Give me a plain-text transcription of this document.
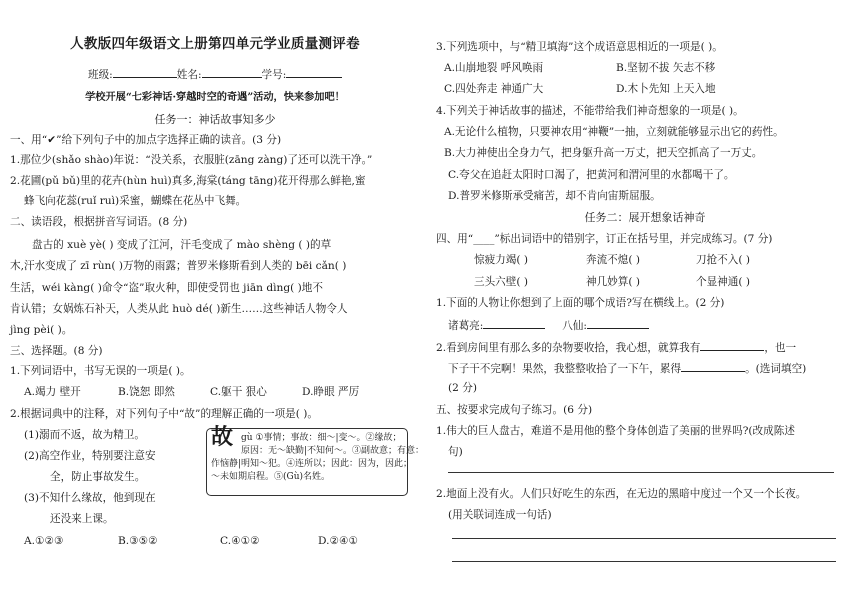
人教版四年级语文上册第四单元学业质量测评卷
班级:	姓名:	学号:
学校开展“七彩神话·穿越时空的奇遇”活动，快来参加吧！
任务一：神话故事知多少
一、用“✔”给下列句子中的加点字选择正确的读音。(3 分)
1.那位少(shǎo shào)年说：“没关系，衣服脏(zāng zàng)了还可以洗干净。”
2.花圃(pǔ bǔ)里的花卉(hùn huì)真多,海棠(táng tāng)花开得那么鲜艳,蜜
蜂飞向花蕊(ruǐ ruì)采蜜，蝴蝶在花丛中飞舞。
二、读语段，根据拼音写词语。(8 分)
盘古的 xuè yè( ) 变成了江河，汗毛变成了 mào shèng ( )的草
木,汗水变成了 zī rùn( )万物的雨露；普罗米修斯看到人类的 bēi cǎn( )
生活，wéi kàng( )命令“盗”取火种，即使受罚也 jiān dìng( )地不
肯认错；女娲炼石补天，人类从此 huò dé( )新生……这些神话人物令人
jìng pèi( )。
三、选择题。(8 分)
1.下列词语中，书写无误的一项是( )。
A.竭力 壁开	B.饶恕 即然	C.躯干 狠心	D.睁眼 严厉
2.根据词典中的注释，对下列句子中“故”的理解正确的一项是( )。
(1)溺而不返，故为精卫。
(2)高空作业，特别要注意安
全，防止事故发生。
(3)不知什么缘故，他到现在
还没来上课。
故 gù ①事情；事故：细～|变～。②缘故；
原因：无～缺勤|不知何～。③副故意；有意：
作恼静|明知～犯。④连所以；因此：因为，因此；
～未如期启程。⑤(Gù)名姓。
A.①②③	B.③⑤②	C.④①②	D.②④①
3.下列选项中，与“精卫填海”这个成语意思相近的一项是( )。
A.山崩地裂 呼风唤雨	B.坚韧不拔 矢志不移
C.四处奔走 神通广大	D.木卜先知 上天入地
4.下列关于神话故事的描述，不能带给我们神奇想象的一项是( )。
A.无论什么植物，只要神农用“神鞭”一抽，立刻就能够显示出它的药性。
B.大力神使出全身力气，把身躯升高一万丈，把天空抓高了一万丈。
C.夸父在追赶太阳时口渴了，把黄河和渭河里的水都喝干了。
D.普罗米修斯承受痛苦，却不肯向宙斯屈服。
任务二：展开想象话神奇
四、用“____”标出词语中的错别字，订正在括号里，并完成练习。(7 分)
惊疲力竭( )	奔流不熄( )	刀抢不入( )
三头六壁( )	神几妙算( )	个显神通( )
1.下面的人物让你想到了上面的哪个成语?写在横线上。(2 分)
诸葛亮:	八仙:
2.看到房间里有那么多的杂物要收拾，我心想，就算我有	，也一
下子干不完啊！果然，我整整收拾了一下午，累得	。(选词填空)
(2 分)
五、按要求完成句子练习。(6 分)
1.伟大的巨人盘古，难道不是用他的整个身体创造了美丽的世界吗?(改成陈述
句)
2.地面上没有火。人们只好吃生的东西，在无边的黑暗中度过一个又一个长夜。
(用关联词连成一句话)
